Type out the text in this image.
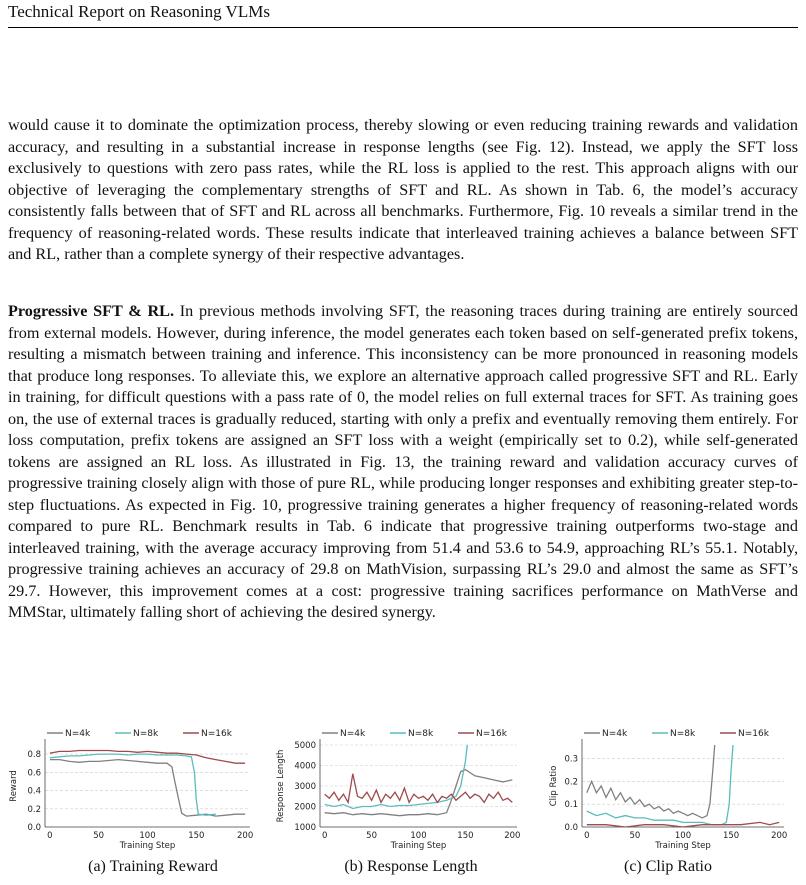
Technical Report on Reasoning VLMs
would cause it to dominate the optimization process, thereby slowing or even reducing training rewards and validation accuracy, and resulting in a substantial increase in response lengths (see Fig. 12). Instead, we apply the SFT loss exclusively to questions with zero pass rates, while the RL loss is applied to the rest. This approach aligns with our objective of leveraging the complementary strengths of SFT and RL. As shown in Tab. 6, the model’s accuracy consistently falls between that of SFT and RL across all benchmarks. Furthermore, Fig. 10 reveals a similar trend in the frequency of reasoning-related words. These results indicate that interleaved training achieves a balance between SFT and RL, rather than a complete synergy of their respective advantages.
Progressive SFT & RL. In previous methods involving SFT, the reasoning traces during training are entirely sourced from external models. However, during inference, the model generates each token based on self-generated prefix tokens, resulting a mismatch between training and inference. This inconsistency can be more pronounced in reasoning models that produce long responses. To alleviate this, we explore an alternative approach called progressive SFT and RL. Early in training, for difficult questions with a pass rate of 0, the model relies on full external traces for SFT. As training goes on, the use of external traces is gradually reduced, starting with only a prefix and eventually removing them entirely. For loss computation, prefix tokens are assigned an SFT loss with a weight (empirically set to 0.2), while self-generated tokens are assigned an RL loss. As illustrated in Fig. 13, the training reward and validation accuracy curves of progressive training closely align with those of pure RL, while producing longer responses and exhibiting greater step-to-step fluctuations. As expected in Fig. 10, progressive training generates a higher frequency of reasoning-related words compared to pure RL. Benchmark results in Tab. 6 indicate that progressive training outperforms two-stage and interleaved training, with the average accuracy improving from 51.4 and 53.6 to 54.9, approaching RL’s 55.1. Notably, progressive training achieves an accuracy of 29.8 on MathVision, surpassing RL’s 29.0 and almost the same as SFT’s 29.7. However, this improvement comes at a cost: progressive training sacrifices performance on MathVerse and MMStar, ultimately falling short of achieving the desired synergy.
0.0
0.2
0.4
0.6
0.8
0	50	100	150	200
Training Step
Reward
N=4k	N=8k	N=16k
1000
2000
3000
4000
5000
0	50	100	150	200
Training Step
Response Length
N=4k	N=8k	N=16k
0.0
0.1
0.2
0.3
0	50	100	150	200
Training Step
Clip Ratio
N=4k	N=8k	N=16k
(a) Training Reward	(b) Response Length	(c) Clip Ratio
